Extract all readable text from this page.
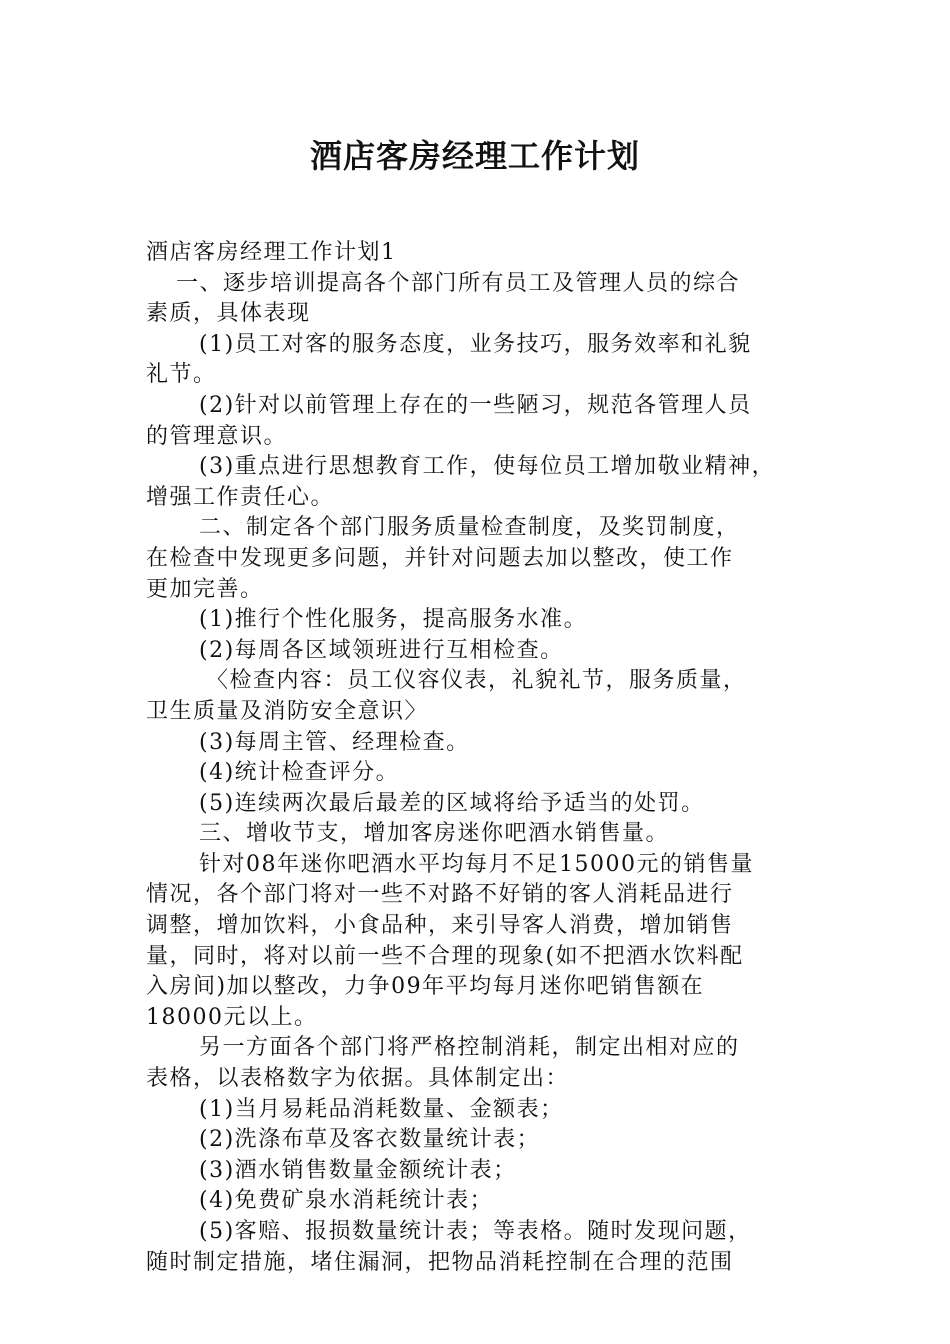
酒店客房经理工作计划
酒店客房经理工作计划1
一、逐步培训提高各个部门所有员工及管理人员的综合
素质，具体表现
(1)员工对客的服务态度，业务技巧，服务效率和礼貌
礼节。
(2)针对以前管理上存在的一些陋习，规范各管理人员
的管理意识。
(3)重点进行思想教育工作，使每位员工增加敬业精神，
增强工作责任心。
二、制定各个部门服务质量检查制度，及奖罚制度，
在检查中发现更多问题，并针对问题去加以整改，使工作
更加完善。
(1)推行个性化服务，提高服务水准。
(2)每周各区域领班进行互相检查。
〈检查内容：员工仪容仪表，礼貌礼节，服务质量，
卫生质量及消防安全意识〉
(3)每周主管、经理检查。
(4)统计检查评分。
(5)连续两次最后最差的区域将给予适当的处罚。
三、增收节支，增加客房迷你吧酒水销售量。
针对08年迷你吧酒水平均每月不足15000元的销售量
情况，各个部门将对一些不对路不好销的客人消耗品进行
调整，增加饮料，小食品种，来引导客人消费，增加销售
量，同时，将对以前一些不合理的现象(如不把酒水饮料配
入房间)加以整改，力争09年平均每月迷你吧销售额在
18000元以上。
另一方面各个部门将严格控制消耗，制定出相对应的
表格，以表格数字为依据。具体制定出：
(1)当月易耗品消耗数量、金额表；
(2)洗涤布草及客衣数量统计表；
(3)酒水销售数量金额统计表；
(4)免费矿泉水消耗统计表；
(5)客赔、报损数量统计表；等表格。随时发现问题，
随时制定措施，堵住漏洞，把物品消耗控制在合理的范围
